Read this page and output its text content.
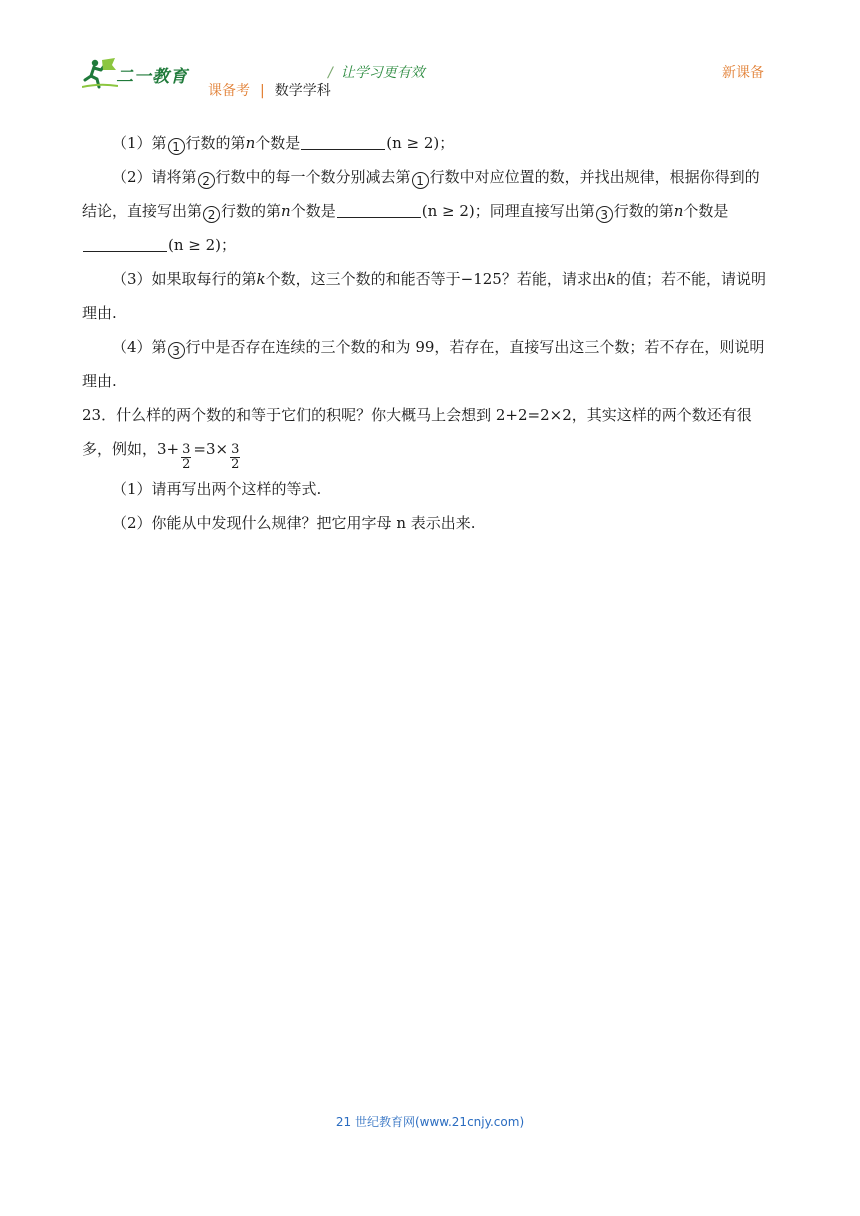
二一教育	/ 让学习更有效	新课备
课备考 | 数学学科

（1）第 1 行数的第n个数是	(n ≥ 2)；

（2）请将第 2 行数中的每一个数分别减去第 1 行数中对应位置的数，并找出规律，根据你得到的结论，直接写出第 2 行数的第n个数是	(n ≥ 2)；同理直接写出第 3 行数的第n个数是
(n ≥ 2)；

（3）如果取每行的第k个数，这三个数的和能否等于−125？若能，请求出k的值；若不能，请说明理由.

（4）第 3 行中是否存在连续的三个数的和为 99，若存在，直接写出这三个数；若不存在，则说明理由.

23．什么样的两个数的和等于它们的积呢？你大概马上会想到 2+2=2×2，其实这样的两个数还有很多，例如，$3+ \frac{3}{2} =3\times \frac{3}{2}$

（1）请再写出两个这样的等式.

（2）你能从中发现什么规律？把它用字母 n 表示出来.

21 世纪教育网(www.21cnjy.com)
